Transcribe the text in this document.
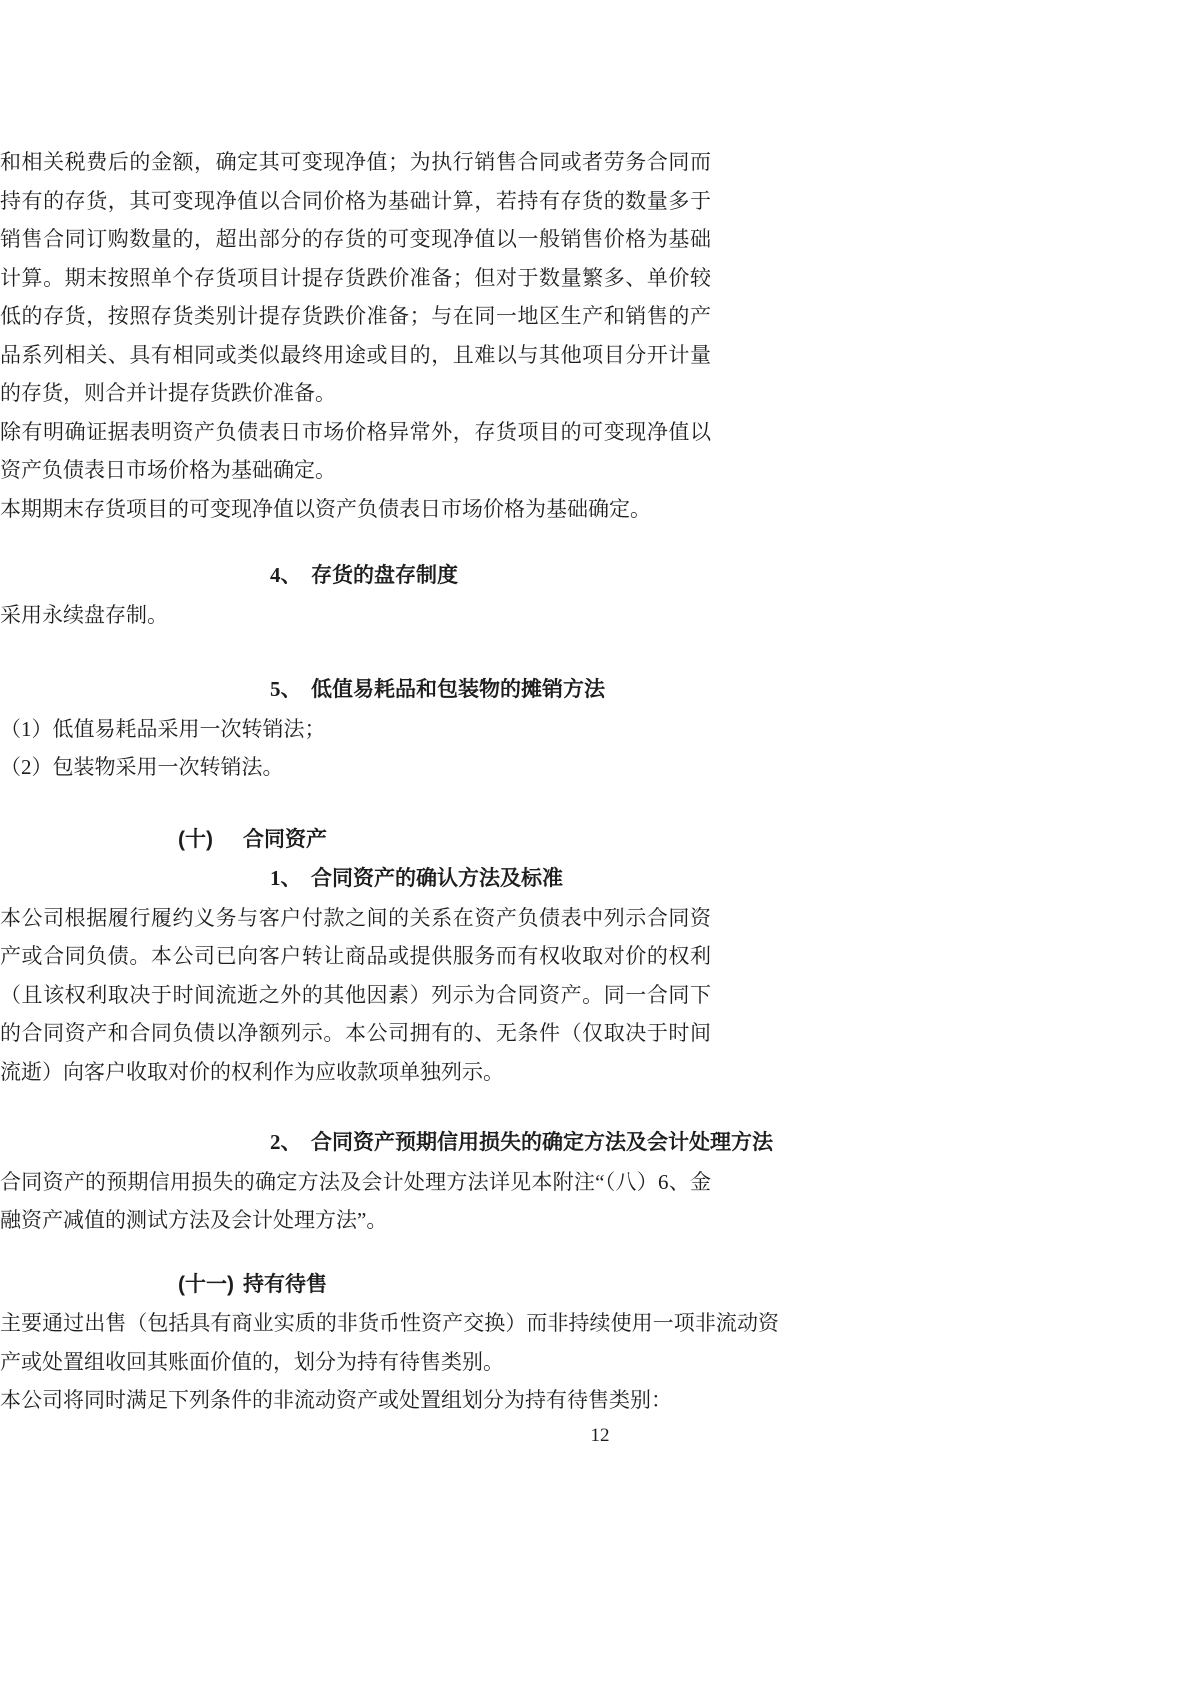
和相关税费后的金额，确定其可变现净值；为执行销售合同或者劳务合同而持有的存货，其可变现净值以合同价格为基础计算，若持有存货的数量多于销售合同订购数量的，超出部分的存货的可变现净值以一般销售价格为基础计算。期末按照单个存货项目计提存货跌价准备；但对于数量繁多、单价较低的存货，按照存货类别计提存货跌价准备；与在同一地区生产和销售的产品系列相关、具有相同或类似最终用途或目的，且难以与其他项目分开计量的存货，则合并计提存货跌价准备。

除有明确证据表明资产负债表日市场价格异常外，存货项目的可变现净值以资产负债表日市场价格为基础确定。

本期期末存货项目的可变现净值以资产负债表日市场价格为基础确定。

4、 存货的盘存制度

采用永续盘存制。

5、 低值易耗品和包装物的摊销方法

（1）低值易耗品采用一次转销法；

（2）包装物采用一次转销法。

(十) 合同资产
1、 合同资产的确认方法及标准

本公司根据履行履约义务与客户付款之间的关系在资产负债表中列示合同资产或合同负债。本公司已向客户转让商品或提供服务而有权收取对价的权利（且该权利取决于时间流逝之外的其他因素）列示为合同资产。同一合同下的合同资产和合同负债以净额列示。本公司拥有的、无条件（仅取决于时间流逝）向客户收取对价的权利作为应收款项单独列示。

2、 合同资产预期信用损失的确定方法及会计处理方法

合同资产的预期信用损失的确定方法及会计处理方法详见本附注“（八）6、金融资产减值的测试方法及会计处理方法”。

(十一) 持有待售

主要通过出售（包括具有商业实质的非货币性资产交换）而非持续使用一项非流动资产或处置组收回其账面价值的，划分为持有待售类别。

本公司将同时满足下列条件的非流动资产或处置组划分为持有待售类别：

12
